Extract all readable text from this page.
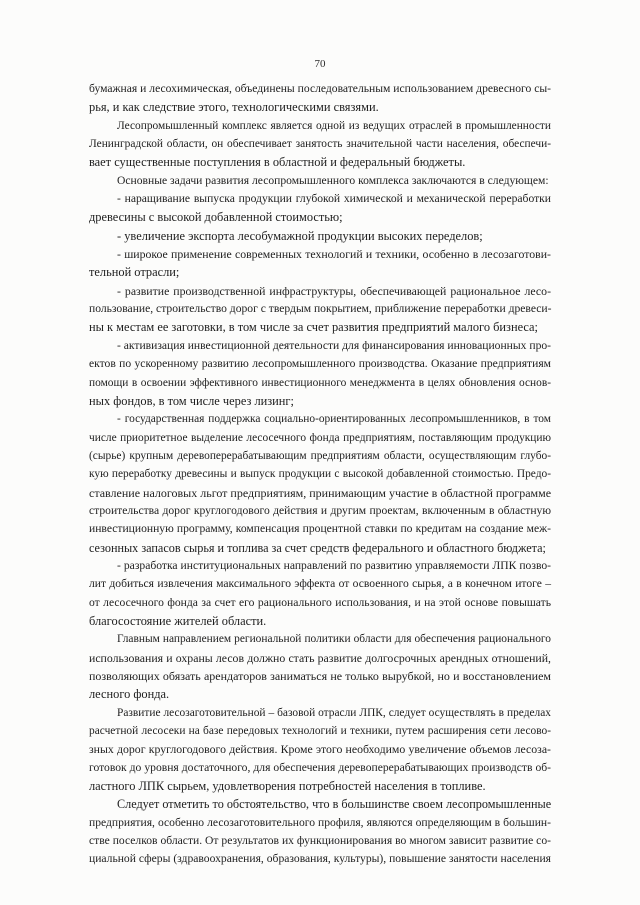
70
бумажная и лесохимическая, объединены последовательным использованием древесного сы-
рья, и как следствие этого, технологическими связями.
Лесопромышленный комплекс является одной из ведущих отраслей в промышленности
Ленинградской области, он обеспечивает занятость значительной части населения, обеспечи-
вает существенные поступления в областной и федеральный бюджеты.
Основные задачи развития лесопромышленного комплекса заключаются в следующем:
- наращивание выпуска продукции глубокой химической и механической переработки
древесины с высокой добавленной стоимостью;
- увеличение экспорта лесобумажной продукции высоких переделов;
- широкое применение современных технологий и техники, особенно в лесозаготови-
тельной отрасли;
- развитие производственной инфраструктуры, обеспечивающей рациональное лесо-
пользование, строительство дорог с твердым покрытием, приближение переработки древеси-
ны к местам ее заготовки, в том числе за счет развития предприятий малого бизнеса;
- активизация инвестиционной деятельности для финансирования инновационных про-
ектов по ускоренному развитию лесопромышленного производства. Оказание предприятиям
помощи в освоении эффективного инвестиционного менеджмента в целях обновления основ-
ных фондов, в том числе через лизинг;
- государственная поддержка социально-ориентированных лесопромышленников, в том
числе приоритетное выделение лесосечного фонда предприятиям, поставляющим продукцию
(сырье) крупным деревоперерабатывающим предприятиям области, осуществляющим глубо-
кую переработку древесины и выпуск продукции с высокой добавленной стоимостью. Предо-
ставление налоговых льгот предприятиям, принимающим участие в областной программе
строительства дорог круглогодового действия и другим проектам, включенным в областную
инвестиционную программу, компенсация процентной ставки по кредитам на создание меж-
сезонных запасов сырья и топлива за счет средств федерального и областного бюджета;
- разработка институциональных направлений по развитию управляемости ЛПК позво-
лит добиться извлечения максимального эффекта от освоенного сырья, а в конечном итоге –
от лесосечного фонда за счет его рационального использования, и на этой основе повышать
благосостояние жителей области.
Главным направлением региональной политики области для обеспечения рационального
использования и охраны лесов должно стать развитие долгосрочных арендных отношений,
позволяющих обязать арендаторов заниматься не только вырубкой, но и восстановлением
лесного фонда.
Развитие лесозаготовительной – базовой отрасли ЛПК, следует осуществлять в пределах
расчетной лесосеки на базе передовых технологий и техники, путем расширения сети лесово-
зных дорог круглогодового действия. Кроме этого необходимо увеличение объемов лесоза-
готовок до уровня достаточного, для обеспечения деревоперерабатывающих производств об-
ластного ЛПК сырьем, удовлетворения потребностей населения в топливе.
Следует отметить то обстоятельство, что в большинстве своем лесопромышленные
предприятия, особенно лесозаготовительного профиля, являются определяющим в большин-
стве поселков области. От результатов их функционирования во многом зависит развитие со-
циальной сферы (здравоохранения, образования, культуры), повышение занятости населения
